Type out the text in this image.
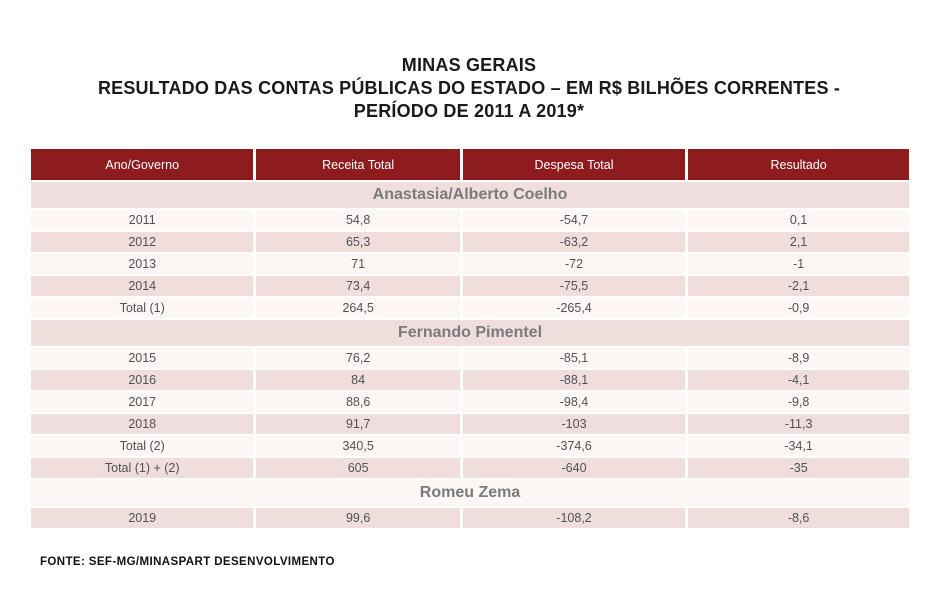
MINAS GERAIS
RESULTADO DAS CONTAS PÚBLICAS DO ESTADO – EM R$ BILHÕES CORRENTES -
PERÍODO DE 2011 A 2019*
Ano/Governo	Receita Total	Despesa Total	Resultado
Anastasia/Alberto Coelho			
2011	54,8	-54,7	0,1
2012	65,3	-63,2	2,1
2013	71	-72	-1
2014	73,4	-75,5	-2,1
Total (1)	264,5	-265,4	-0,9
Fernando Pimentel			
2015	76,2	-85,1	-8,9
2016	84	-88,1	-4,1
2017	88,6	-98,4	-9,8
2018	91,7	-103	-11,3
Total (2)	340,5	-374,6	-34,1
Total (1) + (2)	605	-640	-35
Romeu Zema			
2019	99,6	-108,2	-8,6
FONTE: SEF-MG/MINASPART DESENVOLVIMENTO
